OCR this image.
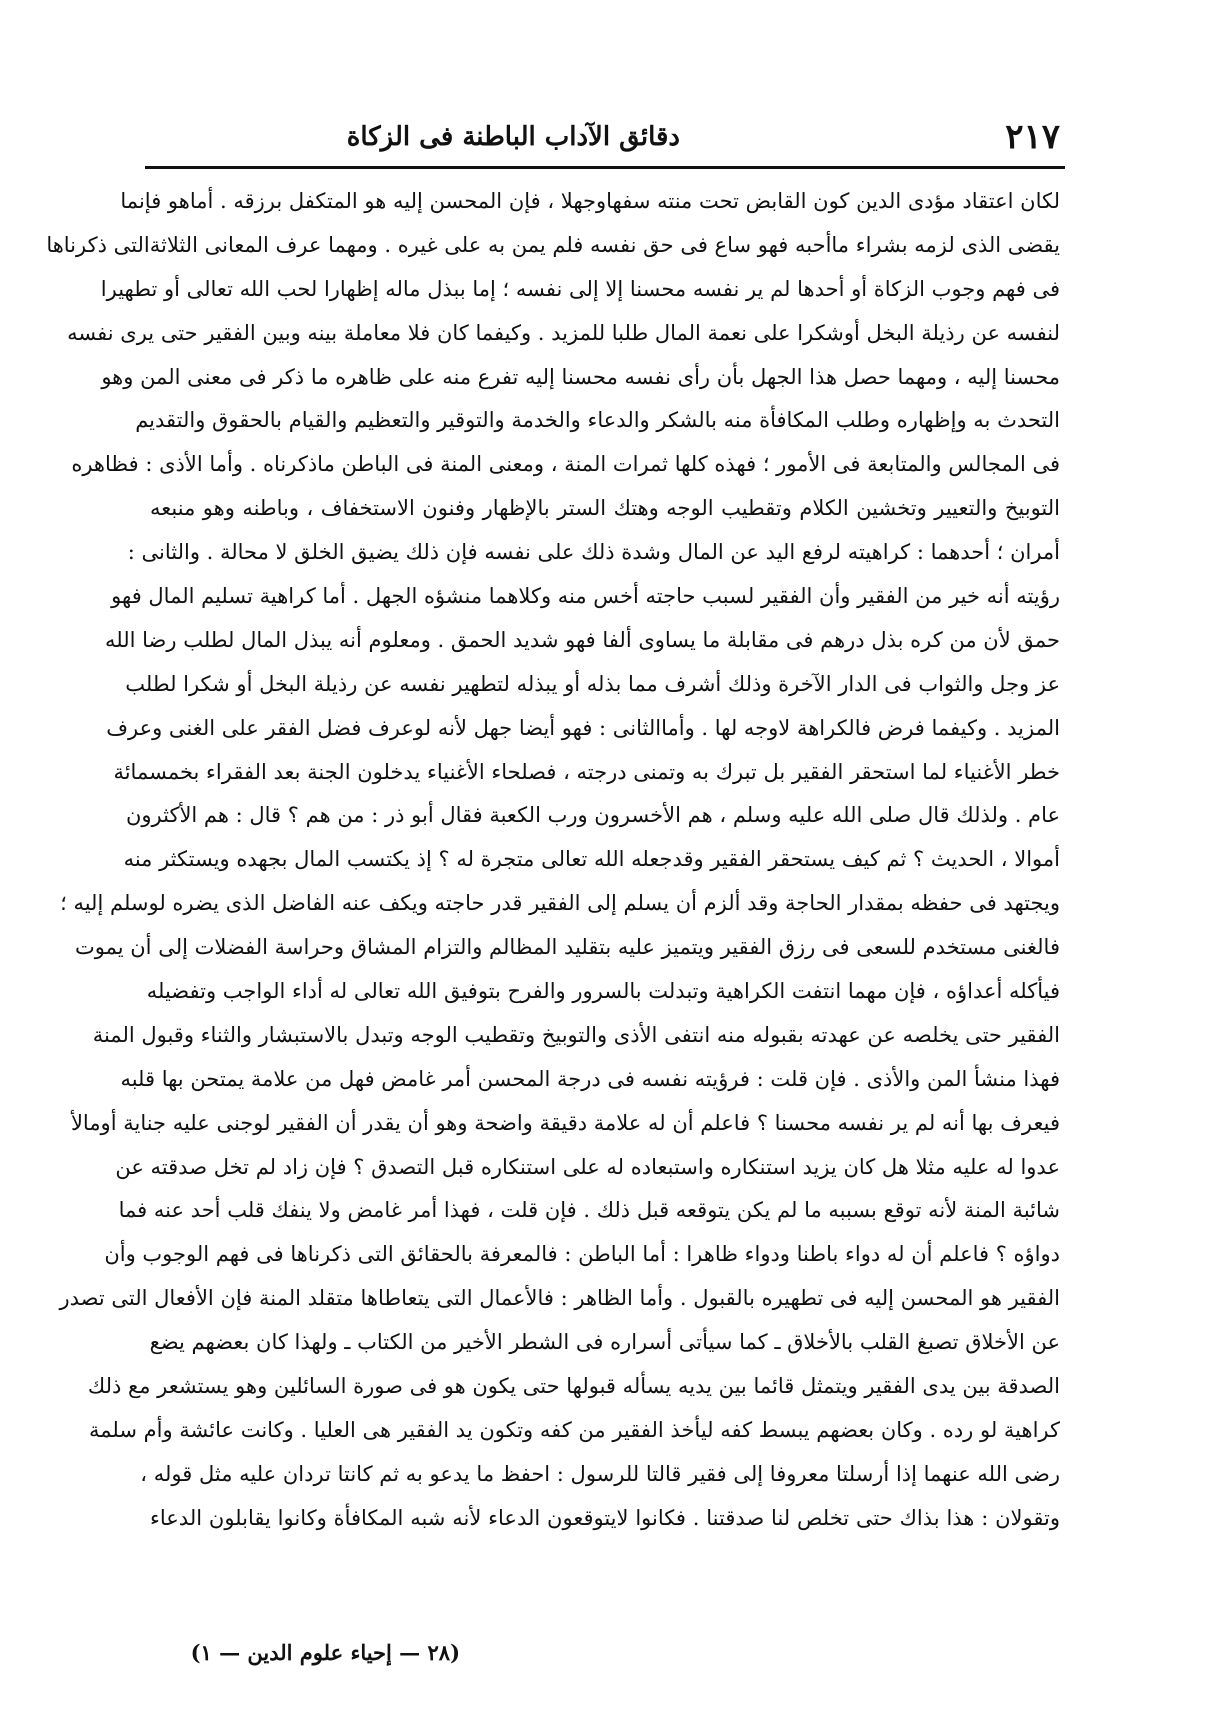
٢١٧
دقائق الآداب الباطنة فى الزكاة
لكان اعتقاد مؤدى الدين كون القابض تحت منته سفهاوجهلا ، فإن المحسن إليه هو المتكفل برزقه . أماهو فإنما
يقضى الذى لزمه بشراء ماأحبه فهو ساع فى حق نفسه فلم يمن به على غيره . ومهما عرف المعانى الثلاثةالتى ذكرناها
فى فهم وجوب الزكاة أو أحدها لم ير نفسه محسنا إلا إلى نفسه ؛ إما ببذل ماله إظهارا لحب الله تعالى أو تطهيرا
لنفسه عن رذيلة البخل أوشكرا على نعمة المال طلبا للمزيد . وكيفما كان فلا معاملة بينه وبين الفقير حتى يرى نفسه
محسنا إليه ، ومهما حصل هذا الجهل بأن رأى نفسه محسنا إليه تفرع منه على ظاهره ما ذكر فى معنى المن وهو
التحدث به وإظهاره وطلب المكافأة منه بالشكر والدعاء والخدمة والتوقير والتعظيم والقيام بالحقوق والتقديم
فى المجالس والمتابعة فى الأمور ؛ فهذه كلها ثمرات المنة ، ومعنى المنة فى الباطن ماذكرناه . وأما الأذى : فظاهره
التوبيخ والتعيير وتخشين الكلام وتقطيب الوجه وهتك الستر بالإظهار وفنون الاستخفاف ، وباطنه وهو منبعه
أمران ؛ أحدهما : كراهيته لرفع اليد عن المال وشدة ذلك على نفسه فإن ذلك يضيق الخلق لا محالة . والثانى :
رؤيته أنه خير من الفقير وأن الفقير لسبب حاجته أخس منه وكلاهما منشؤه الجهل . أما كراهية تسليم المال فهو
حمق لأن من كره بذل درهم فى مقابلة ما يساوى ألفا فهو شديد الحمق . ومعلوم أنه يبذل المال لطلب رضا الله
عز وجل والثواب فى الدار الآخرة وذلك أشرف مما بذله أو يبذله لتطهير نفسه عن رذيلة البخل أو شكرا لطلب
المزيد . وكيفما فرض فالكراهة لاوجه لها . وأماالثانى : فهو أيضا جهل لأنه لوعرف فضل الفقر على الغنى وعرف
خطر الأغنياء لما استحقر الفقير بل تبرك به وتمنى درجته ، فصلحاء الأغنياء يدخلون الجنة بعد الفقراء بخمسمائة
عام . ولذلك قال صلى الله عليه وسلم ، هم الأخسرون ورب الكعبة فقال أبو ذر : من هم ؟ قال : هم الأكثرون
أموالا ، الحديث ؟ ثم كيف يستحقر الفقير وقدجعله الله تعالى متجرة له ؟ إذ يكتسب المال بجهده ويستكثر منه
ويجتهد فى حفظه بمقدار الحاجة وقد ألزم أن يسلم إلى الفقير قدر حاجته ويكف عنه الفاضل الذى يضره لوسلم إليه ؛
فالغنى مستخدم للسعى فى رزق الفقير ويتميز عليه بتقليد المظالم والتزام المشاق وحراسة الفضلات إلى أن يموت
فيأكله أعداؤه ، فإن مهما انتفت الكراهية وتبدلت بالسرور والفرح بتوفيق الله تعالى له أداء الواجب وتفضيله
الفقير حتى يخلصه عن عهدته بقبوله منه انتفى الأذى والتوبيخ وتقطيب الوجه وتبدل بالاستبشار والثناء وقبول المنة
فهذا منشأ المن والأذى . فإن قلت : فرؤيته نفسه فى درجة المحسن أمر غامض فهل من علامة يمتحن بها قلبه
فيعرف بها أنه لم ير نفسه محسنا ؟ فاعلم أن له علامة دقيقة واضحة وهو أن يقدر أن الفقير لوجنى عليه جناية أومالأ
عدوا له عليه مثلا هل كان يزيد استنكاره واستبعاده له على استنكاره قبل التصدق ؟ فإن زاد لم تخل صدقته عن
شائبة المنة لأنه توقع بسببه ما لم يكن يتوقعه قبل ذلك . فإن قلت ، فهذا أمر غامض ولا ينفك قلب أحد عنه فما
دواؤه ؟ فاعلم أن له دواء باطنا ودواء ظاهرا : أما الباطن : فالمعرفة بالحقائق التى ذكرناها فى فهم الوجوب وأن
الفقير هو المحسن إليه فى تطهيره بالقبول . وأما الظاهر : فالأعمال التى يتعاطاها متقلد المنة فإن الأفعال التى تصدر
عن الأخلاق تصبغ القلب بالأخلاق ـ كما سيأتى أسراره فى الشطر الأخير من الكتاب ـ ولهذا كان بعضهم يضع
الصدقة بين يدى الفقير ويتمثل قائما بين يديه يسأله قبولها حتى يكون هو فى صورة السائلين وهو يستشعر مع ذلك
كراهية لو رده . وكان بعضهم يبسط كفه ليأخذ الفقير من كفه وتكون يد الفقير هى العليا . وكانت عائشة وأم سلمة
رضى الله عنهما إذا أرسلتا معروفا إلى فقير قالتا للرسول : احفظ ما يدعو به ثم كانتا تردان عليه مثل قوله ،
وتقولان : هذا بذاك حتى تخلص لنا صدقتنا . فكانوا لايتوقعون الدعاء لأنه شبه المكافأة وكانوا يقابلون الدعاء
(٢٨ — إحياء علوم الدين — ١)
